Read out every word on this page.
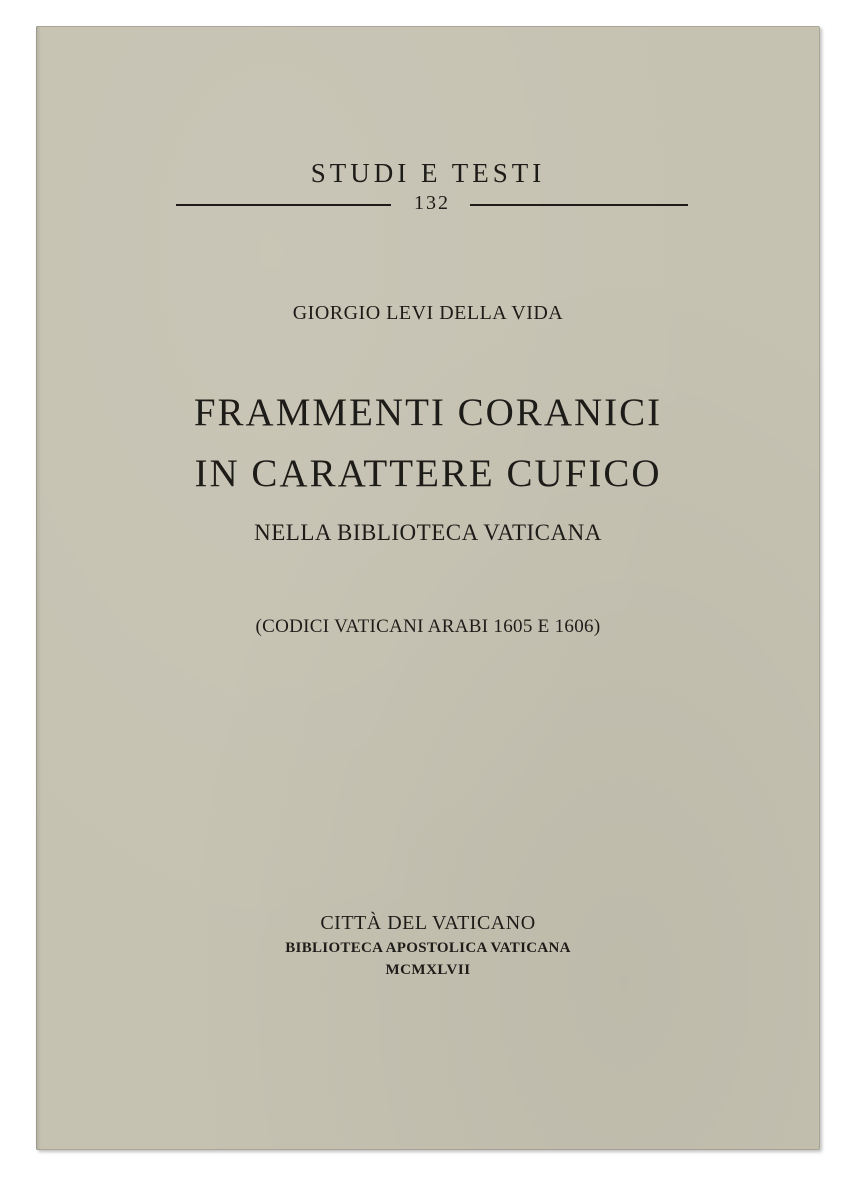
STUDI E TESTI
132
GIORGIO LEVI DELLA VIDA
FRAMMENTI CORANICI
IN CARATTERE CUFICO
NELLA BIBLIOTECA VATICANA
(CODICI VATICANI ARABI 1605 E 1606)
CITTÀ DEL VATICANO
BIBLIOTECA APOSTOLICA VATICANA
MCMXLVII
